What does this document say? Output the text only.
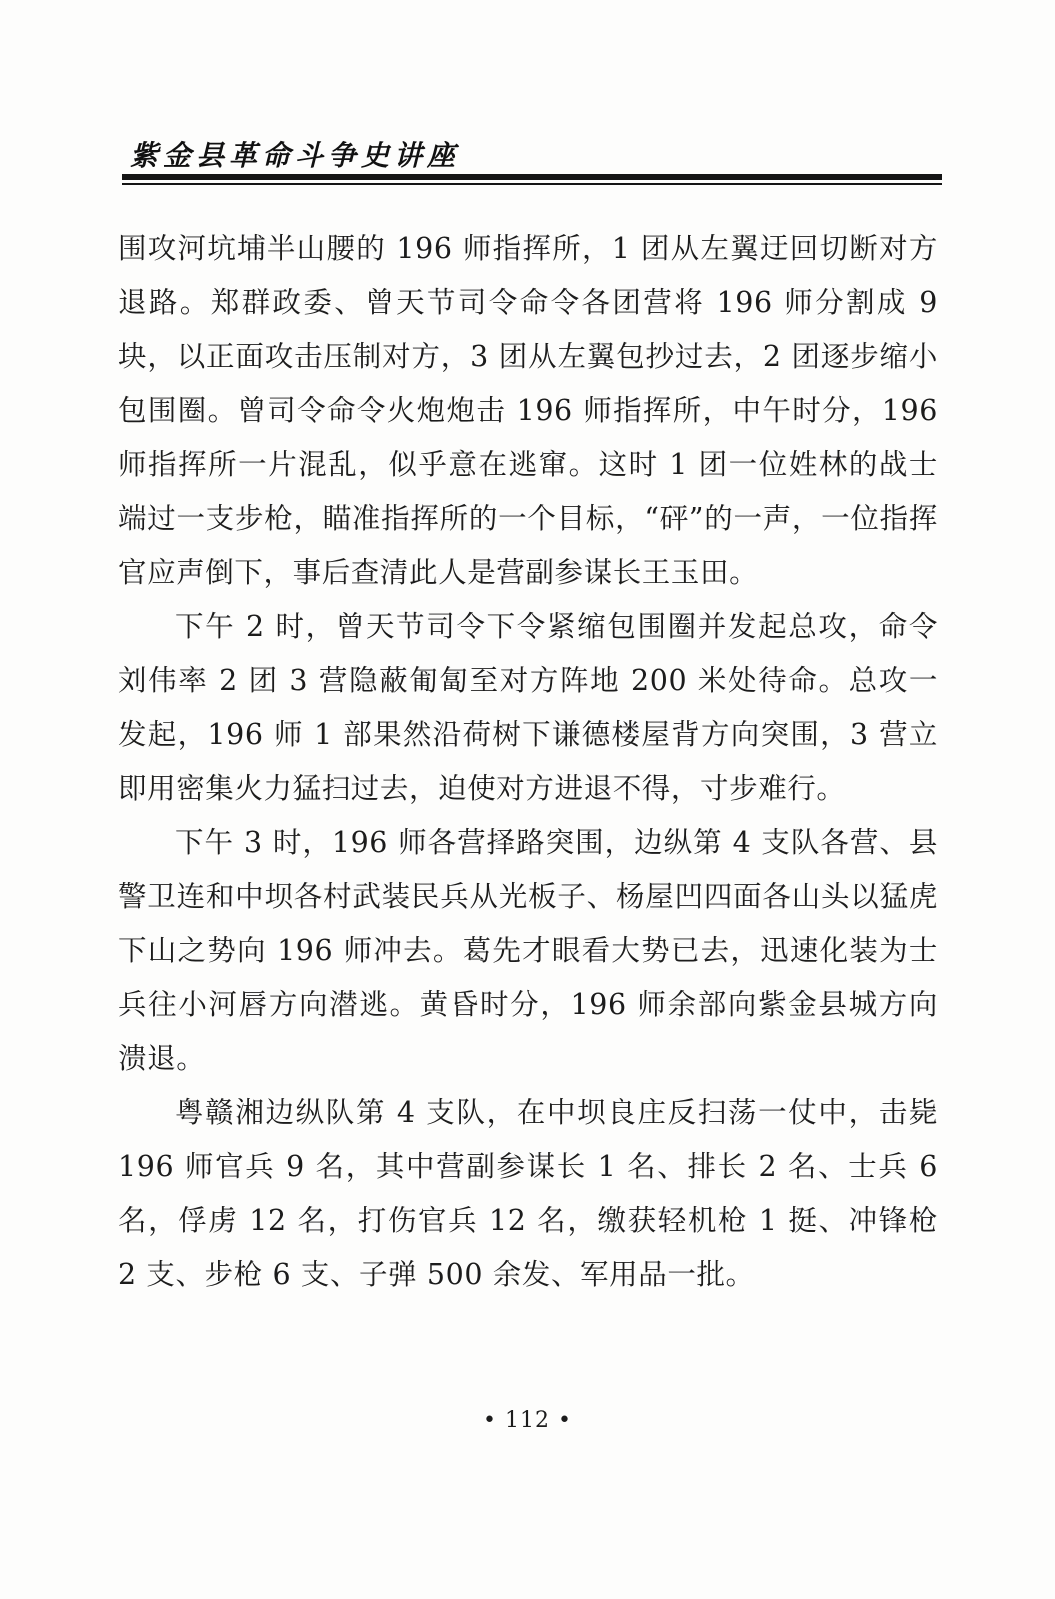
紫金县革命斗争史讲座

围攻河坑埔半山腰的 196 师指挥所，1 团从左翼迂回切断对方退路。郑群政委、曾天节司令命令各团营将 196 师分割成 9 块，以正面攻击压制对方，3 团从左翼包抄过去，2 团逐步缩小包围圈。曾司令命令火炮炮击 196 师指挥所，中午时分，196 师指挥所一片混乱，似乎意在逃窜。这时 1 团一位姓林的战士端过一支步枪，瞄准指挥所的一个目标，“砰”的一声，一位指挥官应声倒下，事后查清此人是营副参谋长王玉田。

下午 2 时，曾天节司令下令紧缩包围圈并发起总攻，命令刘伟率 2 团 3 营隐蔽匍匐至对方阵地 200 米处待命。总攻一发起，196 师 1 部果然沿荷树下谦德楼屋背方向突围，3 营立即用密集火力猛扫过去，迫使对方进退不得，寸步难行。

下午 3 时，196 师各营择路突围，边纵第 4 支队各营、县警卫连和中坝各村武装民兵从光板子、杨屋凹四面各山头以猛虎下山之势向 196 师冲去。葛先才眼看大势已去，迅速化装为士兵往小河唇方向潜逃。黄昏时分，196 师余部向紫金县城方向溃退。

粤赣湘边纵队第 4 支队，在中坝良庄反扫荡一仗中，击毙 196 师官兵 9 名，其中营副参谋长 1 名、排长 2 名、士兵 6 名，俘虏 12 名，打伤官兵 12 名，缴获轻机枪 1 挺、冲锋枪 2 支、步枪 6 支、子弹 500 余发、军用品一批。

• 112 •
